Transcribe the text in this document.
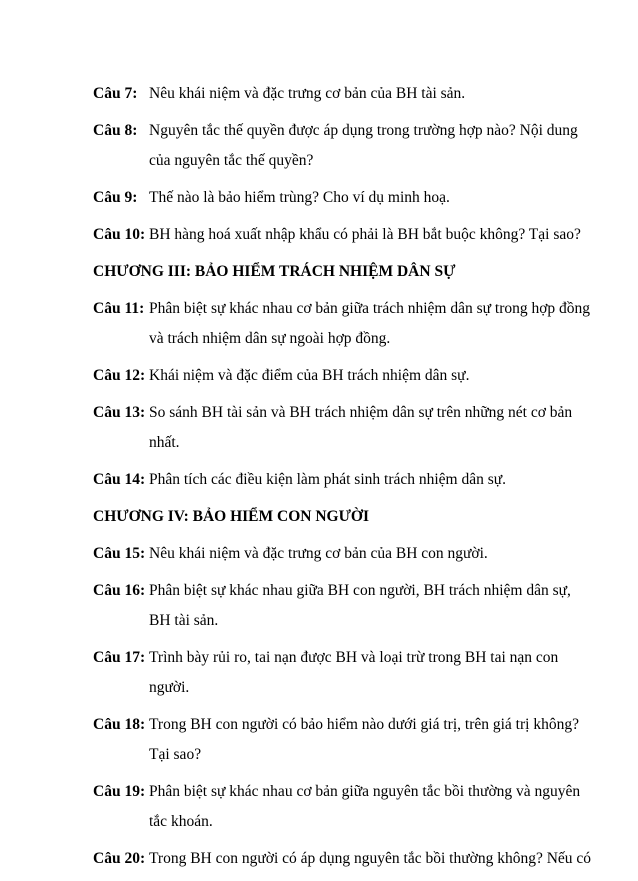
Câu 7: Nêu khái niệm và đặc trưng cơ bản của BH tài sản.
Câu 8: Nguyên tắc thế quyền được áp dụng trong trường hợp nào? Nội dung của nguyên tắc thế quyền?
Câu 9: Thế nào là bảo hiểm trùng? Cho ví dụ minh hoạ.
Câu 10: BH hàng hoá xuất nhập khẩu có phải là BH bắt buộc không? Tại sao?
CHƯƠNG III: BẢO HIỂM TRÁCH NHIỆM DÂN SỰ
Câu 11: Phân biệt sự khác nhau cơ bản giữa trách nhiệm dân sự trong hợp đồng và trách nhiệm dân sự ngoài hợp đồng.
Câu 12: Khái niệm và đặc điểm của BH trách nhiệm dân sự.
Câu 13: So sánh BH tài sản và BH trách nhiệm dân sự trên những nét cơ bản nhất.
Câu 14: Phân tích các điều kiện làm phát sinh trách nhiệm dân sự.
CHƯƠNG IV: BẢO HIỂM CON NGƯỜI
Câu 15: Nêu khái niệm và đặc trưng cơ bản của BH con người.
Câu 16: Phân biệt sự khác nhau giữa BH con người, BH trách nhiệm dân sự, BH tài sản.
Câu 17: Trình bày rủi ro, tai nạn được BH và loại trừ trong BH tai nạn con người.
Câu 18: Trong BH con người có bảo hiểm nào dưới giá trị, trên giá trị không? Tại sao?
Câu 19: Phân biệt sự khác nhau cơ bản giữa nguyên tắc bồi thường và nguyên tắc khoán.
Câu 20: Trong BH con người có áp dụng nguyên tắc bồi thường không? Nếu có
